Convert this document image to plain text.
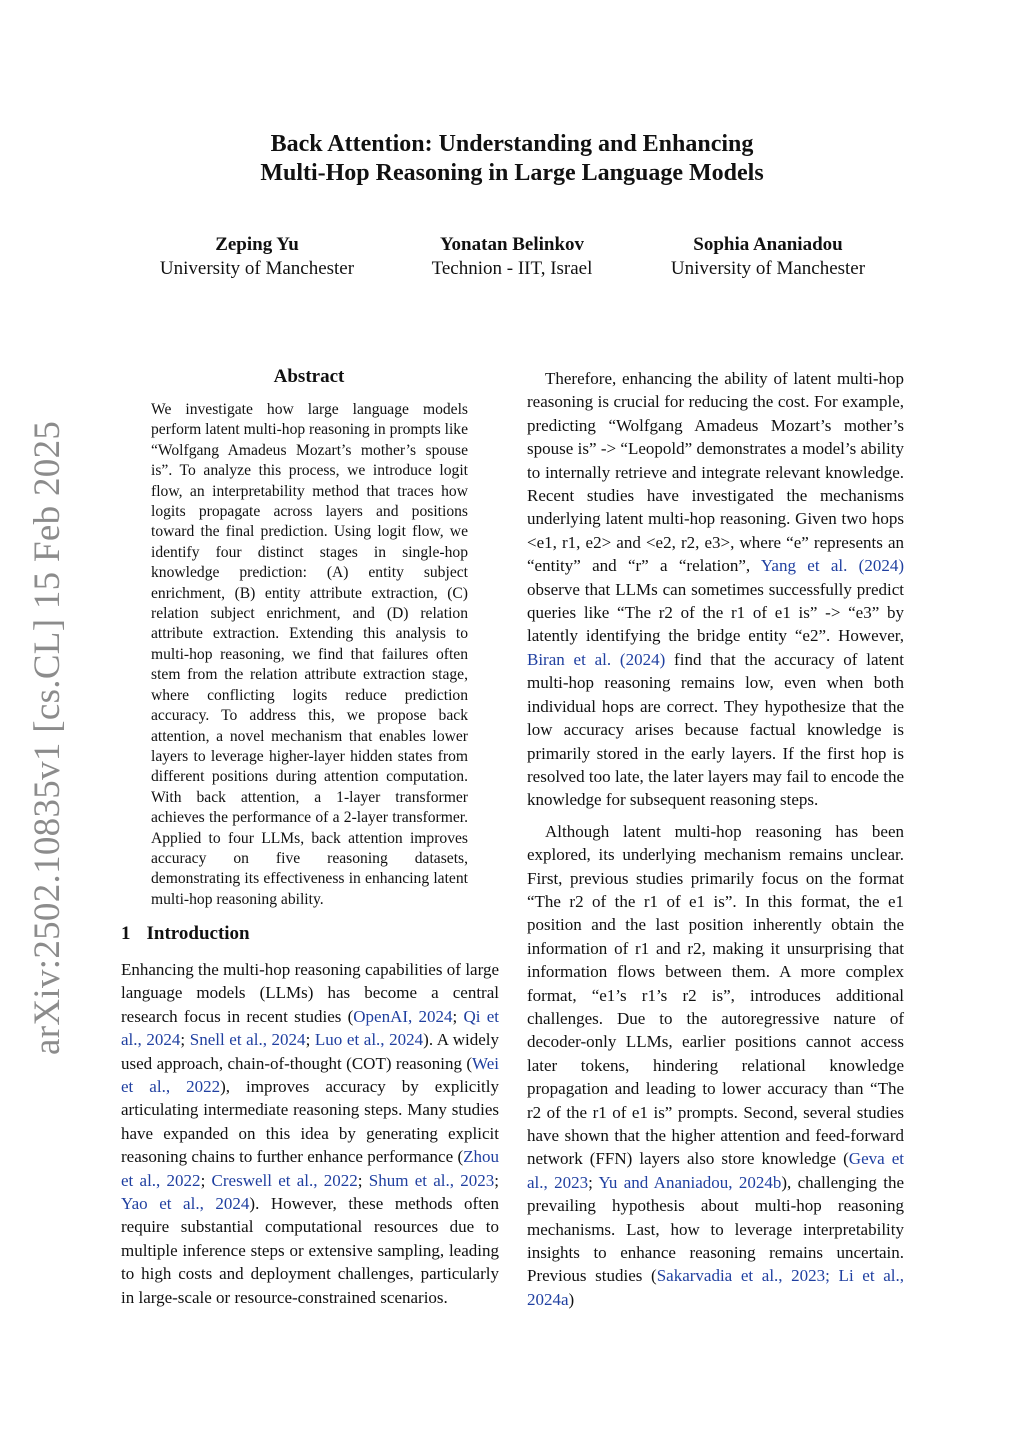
arXiv:2502.10835v1 [cs.CL] 15 Feb 2025
Back Attention: Understanding and Enhancing
Multi-Hop Reasoning in Large Language Models
Zeping Yu
University of Manchester
Yonatan Belinkov
Technion - IIT, Israel
Sophia Ananiadou
University of Manchester
Abstract

We investigate how large language models perform latent multi-hop reasoning in prompts like “Wolfgang Amadeus Mozart’s mother’s spouse is”. To analyze this process, we introduce logit flow, an interpretability method that traces how logits propagate across layers and positions toward the final prediction. Using logit flow, we identify four distinct stages in single-hop knowledge prediction: (A) entity subject enrichment, (B) entity attribute extraction, (C) relation subject enrichment, and (D) relation attribute extraction. Extending this analysis to multi-hop reasoning, we find that failures often stem from the relation attribute extraction stage, where conflicting logits reduce prediction accuracy. To address this, we propose back attention, a novel mechanism that enables lower layers to leverage higher-layer hidden states from different positions during attention computation. With back attention, a 1-layer transformer achieves the performance of a 2-layer transformer. Applied to four LLMs, back attention improves accuracy on five reasoning datasets, demonstrating its effectiveness in enhancing latent multi-hop reasoning ability.

1 Introduction

Enhancing the multi-hop reasoning capabilities of large language models (LLMs) has become a central research focus in recent studies (OpenAI, 2024; Qi et al., 2024; Snell et al., 2024; Luo et al., 2024). A widely used approach, chain-of-thought (COT) reasoning (Wei et al., 2022), improves accuracy by explicitly articulating intermediate reasoning steps. Many studies have expanded on this idea by generating explicit reasoning chains to further enhance performance (Zhou et al., 2022; Creswell et al., 2022; Shum et al., 2023; Yao et al., 2024). However, these methods often require substantial computational resources due to multiple inference steps or extensive sampling, leading to high costs and deployment challenges, particularly in large-scale or resource-constrained scenarios.

Therefore, enhancing the ability of latent multi-hop reasoning is crucial for reducing the cost. For example, predicting “Wolfgang Amadeus Mozart’s mother’s spouse is” -> “Leopold” demonstrates a model’s ability to internally retrieve and integrate relevant knowledge. Recent studies have investigated the mechanisms underlying latent multi-hop reasoning. Given two hops <e1, r1, e2> and <e2, r2, e3>, where “e” represents an “entity” and “r” a “relation”, Yang et al. (2024) observe that LLMs can sometimes successfully predict queries like “The r2 of the r1 of e1 is” -> “e3” by latently identifying the bridge entity “e2”. However, Biran et al. (2024) find that the accuracy of latent multi-hop reasoning remains low, even when both individual hops are correct. They hypothesize that the low accuracy arises because factual knowledge is primarily stored in the early layers. If the first hop is resolved too late, the later layers may fail to encode the knowledge for subsequent reasoning steps.

Although latent multi-hop reasoning has been explored, its underlying mechanism remains unclear. First, previous studies primarily focus on the format “The r2 of the r1 of e1 is”. In this format, the e1 position and the last position inherently obtain the information of r1 and r2, making it unsurprising that information flows between them. A more complex format, “e1’s r1’s r2 is”, introduces additional challenges. Due to the autoregressive nature of decoder-only LLMs, earlier positions cannot access later tokens, hindering relational knowledge propagation and leading to lower accuracy than “The r2 of the r1 of e1 is” prompts. Second, several studies have shown that the higher attention and feed-forward network (FFN) layers also store knowledge (Geva et al., 2023; Yu and Ananiadou, 2024b), challenging the prevailing hypothesis about multi-hop reasoning mechanisms. Last, how to leverage interpretability insights to enhance reasoning remains uncertain. Previous studies (Sakarvadia et al., 2023; Li et al., 2024a)
